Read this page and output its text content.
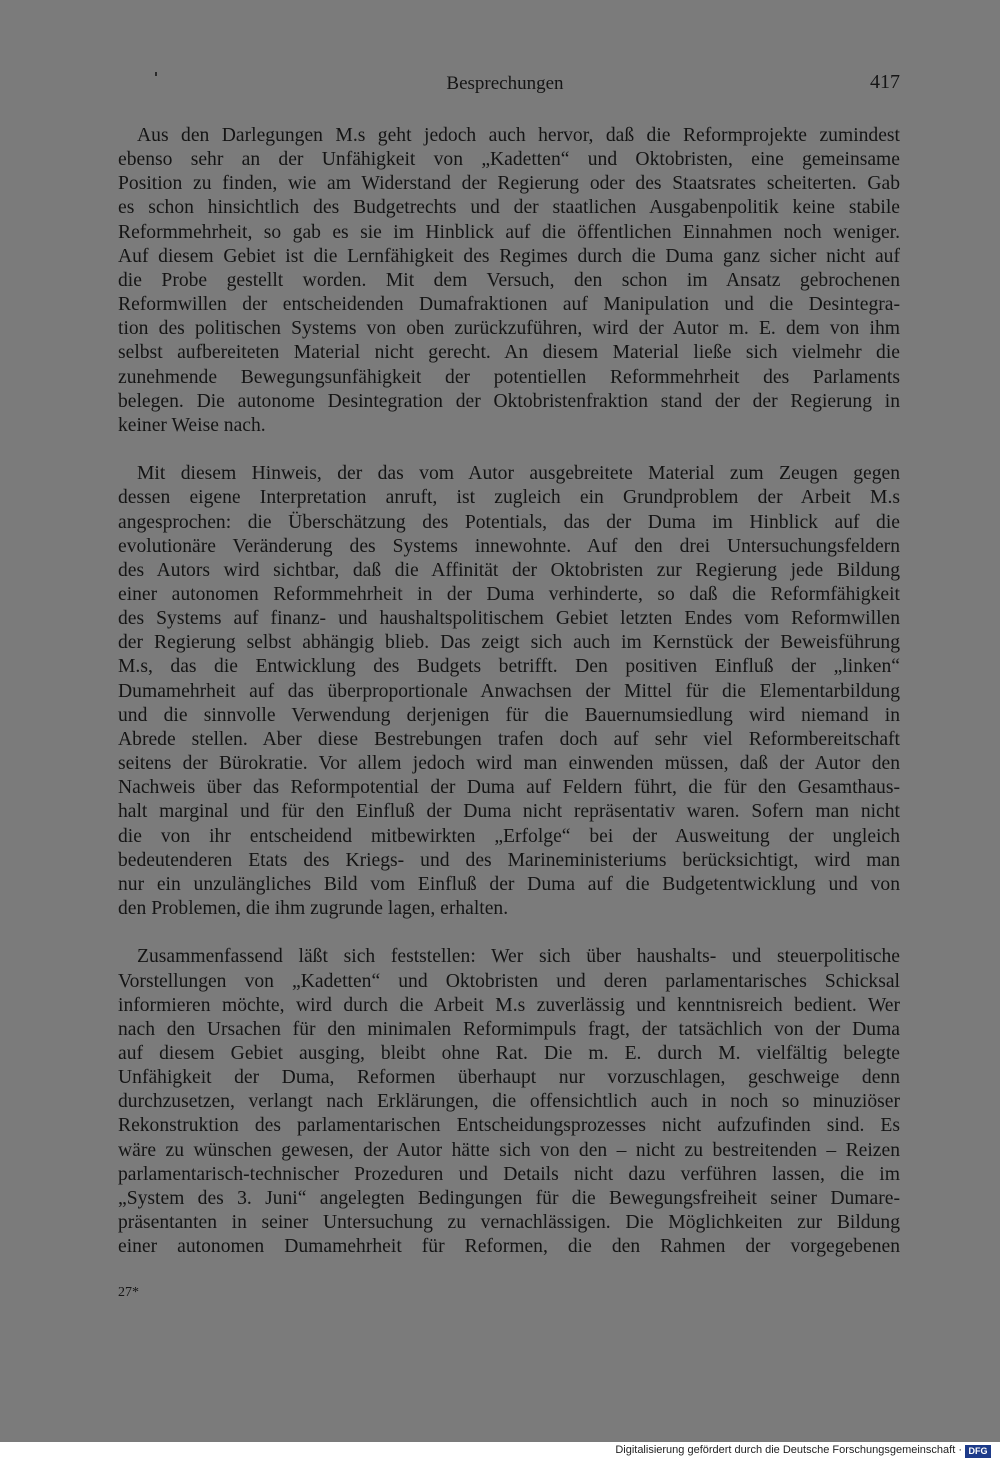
Besprechungen	417
Aus den Darlegungen M.s geht jedoch auch hervor, daß die Reformprojekte zumindest
ebenso sehr an der Unfähigkeit von „Kadetten“ und Oktobristen, eine gemeinsame
Position zu finden, wie am Widerstand der Regierung oder des Staatsrates scheiterten. Gab
es schon hinsichtlich des Budgetrechts und der staatlichen Ausgabenpolitik keine stabile
Reformmehrheit, so gab es sie im Hinblick auf die öffentlichen Einnahmen noch weniger.
Auf diesem Gebiet ist die Lernfähigkeit des Regimes durch die Duma ganz sicher nicht auf
die Probe gestellt worden. Mit dem Versuch, den schon im Ansatz gebrochenen
Reformwillen der entscheidenden Dumafraktionen auf Manipulation und die Desintegra-
tion des politischen Systems von oben zurückzuführen, wird der Autor m. E. dem von ihm
selbst aufbereiteten Material nicht gerecht. An diesem Material ließe sich vielmehr die
zunehmende Bewegungsunfähigkeit der potentiellen Reformmehrheit des Parlaments
belegen. Die autonome Desintegration der Oktobristenfraktion stand der der Regierung in
keiner Weise nach.
Mit diesem Hinweis, der das vom Autor ausgebreitete Material zum Zeugen gegen
dessen eigene Interpretation anruft, ist zugleich ein Grundproblem der Arbeit M.s
angesprochen: die Überschätzung des Potentials, das der Duma im Hinblick auf die
evolutionäre Veränderung des Systems innewohnte. Auf den drei Untersuchungsfeldern
des Autors wird sichtbar, daß die Affinität der Oktobristen zur Regierung jede Bildung
einer autonomen Reformmehrheit in der Duma verhinderte, so daß die Reformfähigkeit
des Systems auf finanz- und haushaltspolitischem Gebiet letzten Endes vom Reformwillen
der Regierung selbst abhängig blieb. Das zeigt sich auch im Kernstück der Beweisführung
M.s, das die Entwicklung des Budgets betrifft. Den positiven Einfluß der „linken“
Dumamehrheit auf das überproportionale Anwachsen der Mittel für die Elementarbildung
und die sinnvolle Verwendung derjenigen für die Bauernumsiedlung wird niemand in
Abrede stellen. Aber diese Bestrebungen trafen doch auf sehr viel Reformbereitschaft
seitens der Bürokratie. Vor allem jedoch wird man einwenden müssen, daß der Autor den
Nachweis über das Reformpotential der Duma auf Feldern führt, die für den Gesamthaus-
halt marginal und für den Einfluß der Duma nicht repräsentativ waren. Sofern man nicht
die von ihr entscheidend mitbewirkten „Erfolge“ bei der Ausweitung der ungleich
bedeutenderen Etats des Kriegs- und des Marineministeriums berücksichtigt, wird man
nur ein unzulängliches Bild vom Einfluß der Duma auf die Budgetentwicklung und von
den Problemen, die ihm zugrunde lagen, erhalten.
Zusammenfassend läßt sich feststellen: Wer sich über haushalts- und steuerpolitische
Vorstellungen von „Kadetten“ und Oktobristen und deren parlamentarisches Schicksal
informieren möchte, wird durch die Arbeit M.s zuverlässig und kenntnisreich bedient. Wer
nach den Ursachen für den minimalen Reformimpuls fragt, der tatsächlich von der Duma
auf diesem Gebiet ausging, bleibt ohne Rat. Die m. E. durch M. vielfältig belegte
Unfähigkeit der Duma, Reformen überhaupt nur vorzuschlagen, geschweige denn
durchzusetzen, verlangt nach Erklärungen, die offensichtlich auch in noch so minuziöser
Rekonstruktion des parlamentarischen Entscheidungsprozesses nicht aufzufinden sind. Es
wäre zu wünschen gewesen, der Autor hätte sich von den – nicht zu bestreitenden – Reizen
parlamentarisch-technischer Prozeduren und Details nicht dazu verführen lassen, die im
„System des 3. Juni“ angelegten Bedingungen für die Bewegungsfreiheit seiner Dumare-
präsentanten in seiner Untersuchung zu vernachlässigen. Die Möglichkeiten zur Bildung
einer autonomen Dumamehrheit für Reformen, die den Rahmen der vorgegebenen
27*
Digitalisierung gefördert durch die Deutsche Forschungsgemeinschaft · DFG
